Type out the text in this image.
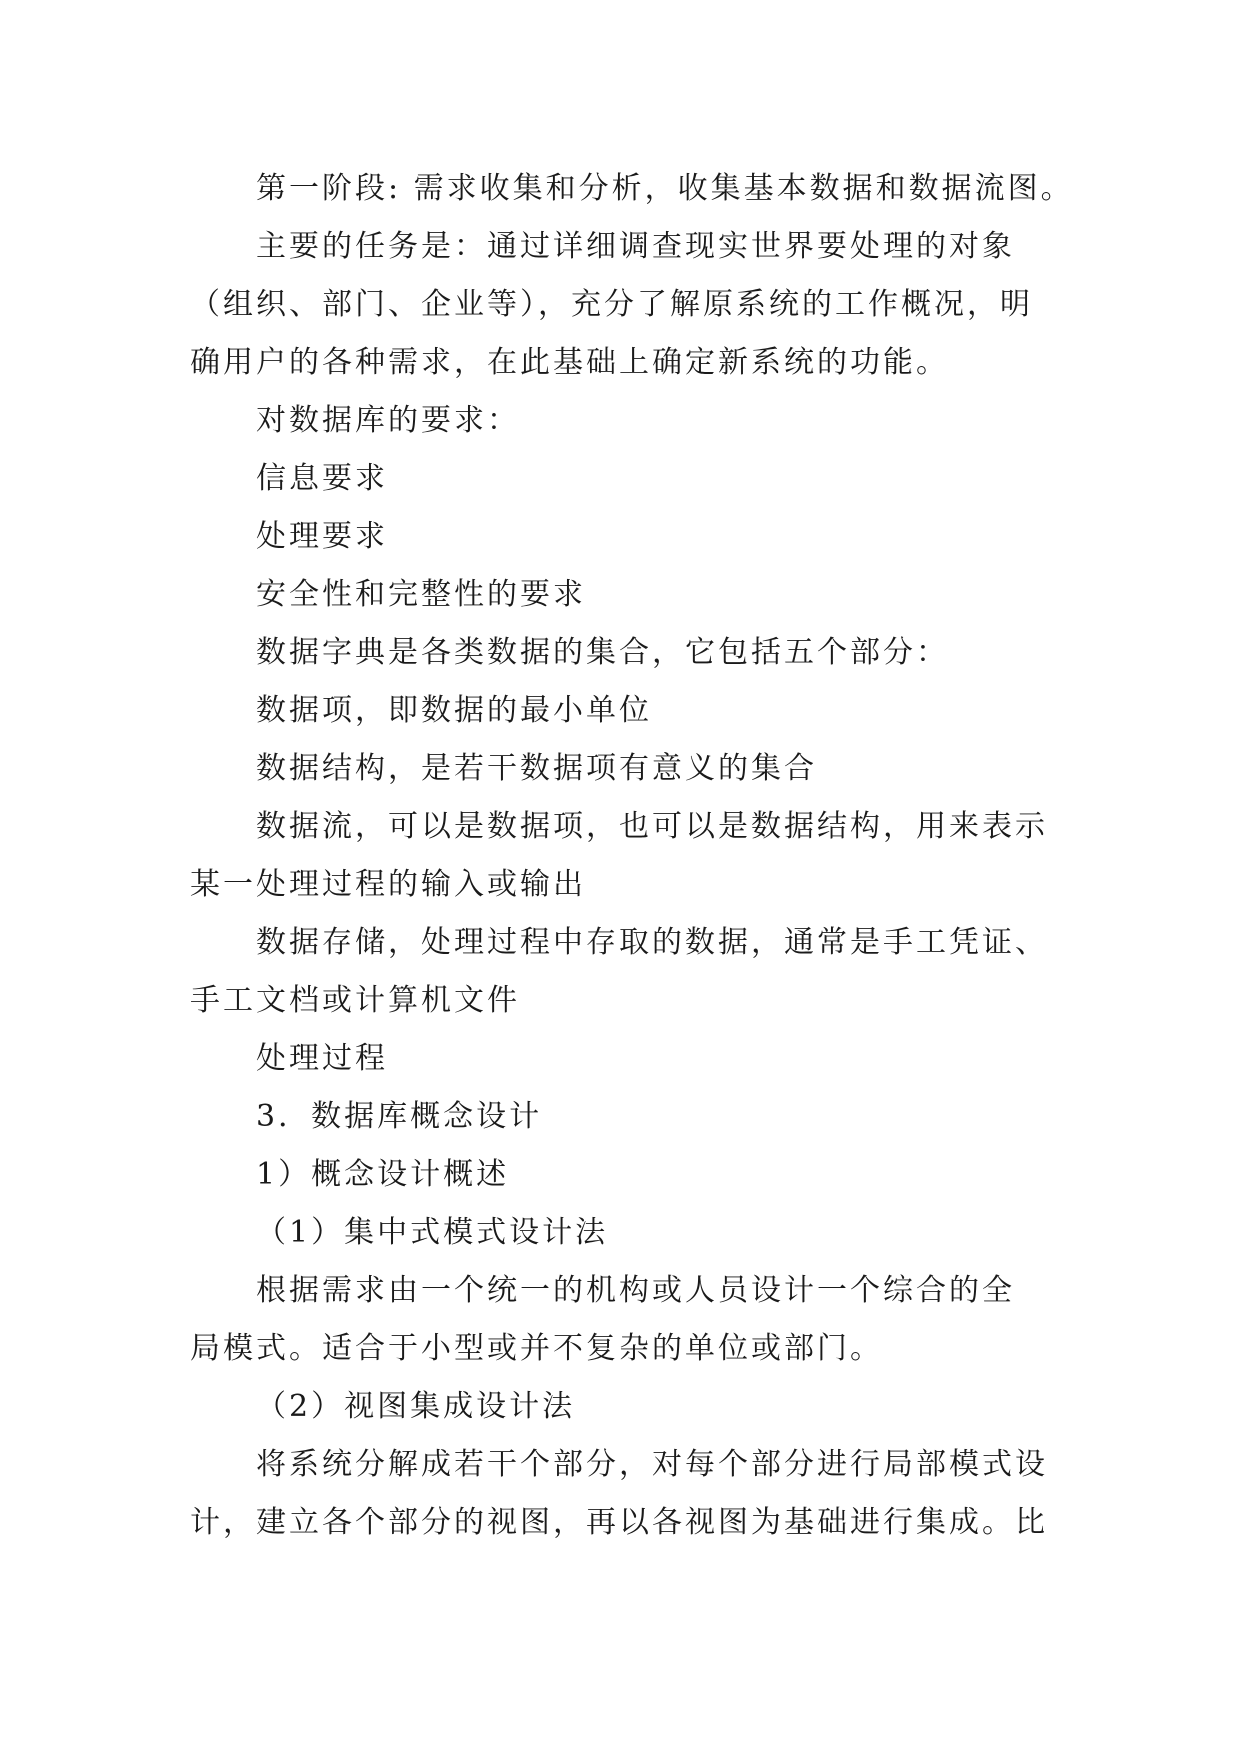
第一阶段: 需求收集和分析，收集基本数据和数据流图。

主要的任务是：通过详细调查现实世界要处理的对象

（组织、部门、企业等），充分了解原系统的工作概况，明

确用户的各种需求，在此基础上确定新系统的功能。

对数据库的要求：

信息要求

处理要求

安全性和完整性的要求

数据字典是各类数据的集合，它包括五个部分：

数据项，即数据的最小单位

数据结构，是若干数据项有意义的集合

数据流，可以是数据项，也可以是数据结构，用来表示

某一处理过程的输入或输出

数据存储，处理过程中存取的数据，通常是手工凭证、

手工文档或计算机文件

处理过程

3．数据库概念设计

1）概念设计概述

（1）集中式模式设计法

根据需求由一个统一的机构或人员设计一个综合的全

局模式。适合于小型或并不复杂的单位或部门。

（2）视图集成设计法

将系统分解成若干个部分，对每个部分进行局部模式设

计，建立各个部分的视图，再以各视图为基础进行集成。比
